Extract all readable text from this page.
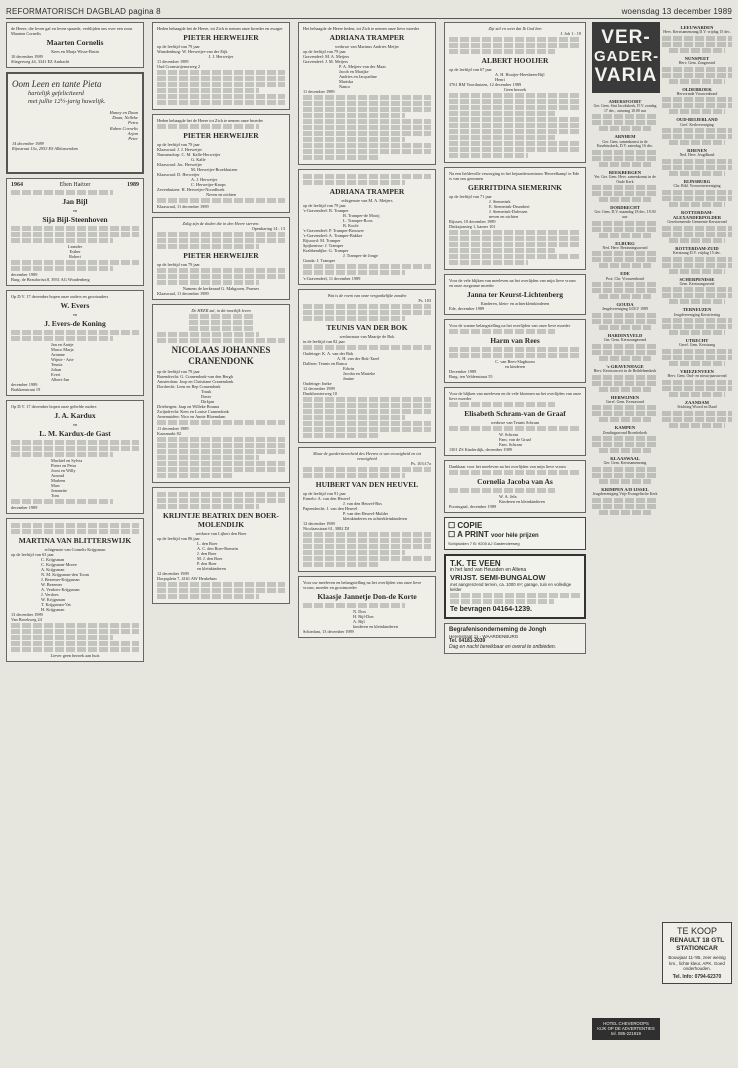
REFORMATORISCH DAGBLAD pagina 8	woensdag 13 december 1989
de Heere, die leven gaf en leven spaarde, verblijden ons over een zoon Maarten Cornelis
Maarten Cornelis
Kees en Marja Wisse-Bruin
10 december 1989
Sliegerweg 44, 3341 EZ Ambacht
Oom Leen en tante Pieta
hartelijk gefeliciteerd
met jullie 12½-jarig huwelijk.
Hanny en Daan
Daan, Nelleke
Petra
Ruben Cornelis
Arjan
Peter
14 december 1989
Rijnstraat 13a, 2953 ES Alblasserdam
1964	Eben Haëzer	1989
Jan Bijl
en
Sija Bijl-Steenhoven
Leander
Esther
Robert
december 1989
Burg. de Beaufortstr.8, 3931 AG Woudenberg
Op D.V. 17 december hopen onze ouders en grootouders
W. Evers
en
J. Evers-de Koning
Jan en Aartje
Marco Marja
Arianne
Wijnie - Arie
Teunis
Johan
Evert
Albert-Jan
december 1989
Brakkenstraat 19
Op D.V. 17 december hopen onze geliefde ouders
J. A. Kardux
en
L. M. Kardux-de Gast
Machiel en Sylvia
Pieter en Petra
Joost en Willy
Arnoud
Marleen
Marc
Jeannette
Tom
december 1989
MARTINA VAN BLITTERSWIJK
echtgenote van Cornelis Krijgsman
op de leeftijd van 63 jaar
C. Krijgsman
C. Krijgsman-Moree
A. Krijgsman
N. M. Krijgsman-den Toom
J. Bezemer-Krijgsman
W. Bezemer
A. Verdoes-Krijgsman
J. Verdoes
W. Krijgsman
T. Krijgsman-Vat
H. Krijgsman
13 december 1989
Van Broekweg 24
Liever geen bezoek aan huis
Heden behaagde het de Heere, tot Zich te nemen onze broeder en zwager
PIETER HERWEIJER
op de leeftijd van 79 jaar
Waardenburg: W. Herweijer-van der Eijk
J. J. Herweijer
11 december 1989
Oud Cromstrijenseweg 2
Heden behaagde het de Heere tot Zich te nemen onze broeder
PIETER HERWEIJER
op de leeftijd van 79 jaar
Klaaswaal: J. J. Herweijer
Numansdorp: C. M. Kalle-Herweijer
G. Kalle
Klaaswaal: Jac. Herweijer
M. Herweijer-Broekhuizen
Klaaswaal: D. Herweijer
A. J. Herweijer
C. Herweijer-Knops
Zevenhuizen: H. Herweijer-Noordhoek
Neven en nichten
Klaaswaal, 11 december 1989
Zalig zijn de doden die in den Heere sterven.
Openbaring 14 : 13
PIETER HERWEIJER
op de leeftijd van 79 jaar
Namens de kerkeraad G. Mahgroen, Praeses
Klaaswaal, 11 december 1989
De HEER zal, in dit moeilijk leven
NICOLAAS JOHANNES CRANENDONK
op de leeftijd van 79 jaar
Barendrecht: G. Cranendonk-van den Bergh
Amsterdam: Joop en Christiane Cranendonk
Dordrecht: Leen en Rep Cranendonk
Truuk
Davie
Dirkjan
Driebergen: Jaap en Willeke Bouma
Zwijndrecht: Kees en Louise Cranendonk
Arnemuiden: Nico en Annie Bloemdam
11 december 1989
Kaasmarkt 82
KRIJNTJE BEATRIX DEN BOER-MOLENDIJK
weduwe van Lijbert den Boer
op de leeftijd van 86 jaar
L. den Boer
A. C. den Boer-Romein
J. den Boer
M. J. den Boer
P. den Boer
en kleinkinderen
12 december 1989
Dorpsplein 7, 4161 AW Heukelum
Het behaagde de Heere heden, tot Zich te nemen onze lieve moeder
ADRIANA TRAMPER
weduwe van Marinus Andries Meijer
op de leeftijd van 79 jaar
Gravendeel: M. A. Meijers
Gravendeel: J. M. Meijers
P. A. Meijers-van der Maas
Jacob en Marijke
Andries en Jacqueline
Mariska
Nanco
11 december 1989
ADRIANA TRAMPER
echtgenote van M. A. Meijers
op de leeftijd van 79 jaar
's-Gravendeel: B. Tramper
B. Tramper-de Mooij
L. Tramper-Roos
B. Koole
's-Gravendeel: P. Tramper-Brouwer
's-Gravendeel: A. Tramper-Bakker
Rijsoord: M. Tramper
Spijkenisse: J. Tramper
Krabbendijke: G. Tramper
J. Tramper-de Jonge
Gouda: J. Tramper
's-Gravendeel, 11 december 1989
Wat is de roem van onze vergankelijke zonden
Ps. 103
TEUNIS VAN DER BOK
weduwnaar van Maartje de Bok
in de leeftijd van 82 jaar
Oudeinge: K. A. van der Bok
A. H. van der Bok-Tazel
Dalfsen: Teunis en Ranca
Edwin
Jacoba en Marieke
Janine
Oudeinge: Ineke
12 december 1989
Dunkhorsterweg 10
Maar de goedertierenheid des Heeren is van eeuwigheid en tot eeuwigheid
Ps. 103:17a
HUIBERT VAN DEN HEUVEL
op de leeftijd van 91 jaar
Ermelo: A. van den Heuvel
J. van den Heuvel-Bos
Papendrecht: J. van den Heuvel
P. van den Heuvel-Mulder
kleinkinderen en achterkleinkinderen
12 december 1989
Nicolaasstraat 61, 3882 DJ
Voor uw meeleven en belangstelling na het overlijden van onze lieve vrouw, moeder en grootmoeder
Klaasje Jannetje Don-de Korte
N. Don
H. Bijl-Don
A. Bijl
kinderen en kleinkinderen
Schiedam, 13 december 1989
Zijt stil en weet dat Ik God ben
J. Job 1 : 19
ALBERT HOOIJER
op de leeftijd van 67 jaar
A. H. Hooijer-Heesbeen-Bijl
Henri
3761 RM Voorthuizen, 12 december 1989
Geen bezoek
Na een liefdevolle verzorging in het bejaardencentrum 'Heuvelkamp' te Ede is van ons genomen
GERRITDINA SIEMERINK
op de leeftijd van 71 jaar
J. Siemerink
E. Siemerink-Drumbert
J. Siemerink-Dalessen
neven en nichten
Rijssen, 10 december 1989
Dinkajonsteg 1, kamer 101
Voor de vele blijken van meeleven na het overlijden van mijn lieve vrouw en onze zorgzame moeder
Janna ter Keurst-Lichtenberg
Kinderen, klein- en achterkleinkinderen
Ede, december 1989
Voor de warme belangstelling na het overlijden van onze lieve moeder
Harm van Rees
C. van Rees-Slagboom
en kinderen
December 1989
Burg. ten Veldenstraat 55
Voor de blijken van meeleven en de vele bloemen na het overlijden van onze lieve moeder
Elisabeth Schram-van de Graaf
weduwe van Teunis Schram
W. Schram
Fam. van de Graaf
Fam. Schram
1301 ZS Kinderdijk, december 1989
Dankbaar voor het meeleven na het overlijden van mijn lieve vrouw
Cornelia Jacoba van As
W. A. Jela
Kinderen en kleinkinderen
Poortugaal, december 1989
☐ COPIE
☐ A PRINT voor hèle prijzen
Schipluiden 7 B: 9200 AJ Gastenderweg
T.K. TE VEEN
in het land van Heusden en Altena
VRIJST. SEMI-BUNGALOW
met aangrenzend terrein, ca. 1000 m²; garage, tuin en volledige kelder
Te bevragen 04164-1239.
Begrafenisonderneming de Jongh
Herenstraat 11 - WAARDENBURG
Tel. 04181-2039
Dag en nacht bereikbaar en overal te ontbieden.
VER-
GADER-
VARIA
AMERSFOORT
Ger. Gem. Sint Jacobskerk, D.V. zondag 17 dec., aanvang 10.00 uur
ARNHEM
Ger. Gem. samenkomst in de Eusebiuskerk, D.V. zaterdag 16 dec.
BEEKBERGEN
Ver. Ger. Gem. Herv. samenkomst in de Oude Kerk
DORDRECHT
Ger. Gem. D.V. maandag 18 dec. 19.30 uur
ELBURG
Ned. Herv. Bezinningsavond
EDE
Prot. Chr. Vrouwenbond
GOUDA
Jeugdvereniging GOLV 1989
HARDINXVELD
Ger. Gem. Kerstzangavond
's-GRAVENHAGE
Herv. Kerstconcert in de Bethlehemkerk
HERWIJNEN
Geref. Gem. Kerstavond
KAMPEN
Zendingsavond Broederkerk
KLAASWAAL
Ger. Gem. Kerstsamenzang
KRIMPEN A/D IJSSEL
Jeugdvereniging Vrije Evangelische Kerk
LEEUWARDEN
Herv. Kerstsamenzang D.V. vrijdag 15 dec.
NUNSPEET
Herv. Gem. Zangavond
OLDEBROEK
Hervormde Vrouwenbond
OUD-BEIJERLAND
Gref. Kerkvereniging
RHENEN
Ned. Herv. Jeugdbond
RIJNSBURG
Chr. Bibl. Vrouwenvereniging
ROTTERDAM-ALEXANDERPOLDER
Gereformeerde Gemeente Kerstavond
ROTTERDAM-ZUID
Kerstzang D.V. vrijdag 15 dec.
SCHERPENISSE
Gem. Kerstzangavond
TERNEUZEN
Jeugdvereniging Kerstviering
UTRECHT
Geref. Gem. Kerstzang
VRIEZENVEEN
Herv. Gem. Oud- en nieuwjaarsavond
ZAANDAM
Stichting Woord en Daad
TE KOOP
RENAULT 18 GTL
STATIONCAR
Bouwjaar 11-'85, zeer weinig km., lichte kleur, APK. Goed onderhouden.
Tel. Info: 0794-62370
HOTEL CHEVEROOPS
KIJK OP DE ADVERTENTIES
tel. 085-221919
